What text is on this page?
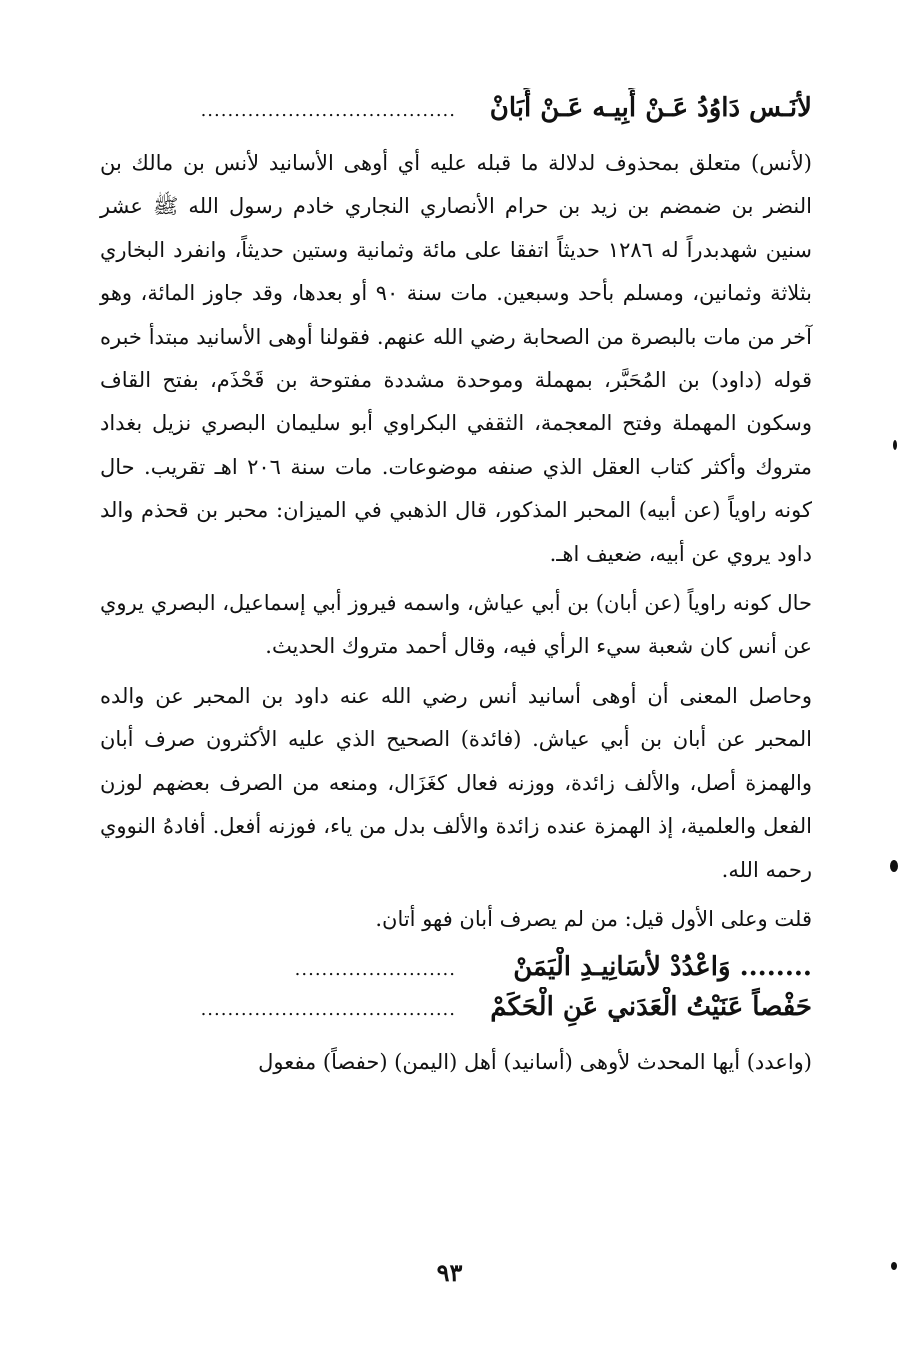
لأنَـس دَاوُدُ عَـنْ أَبِيـه عَـنْ أَبَانْ
......................................

(لأنس) متعلق بمحذوف لدلالة ما قبله عليه أي أوهى الأسانيد لأنس بن مالك بن النضر بن ضمضم بن زيد بن حرام الأنصاري النجاري خادم رسول الله ﷺ عشر سنين شهدبدراً له ١٢٨٦ حديثاً اتفقا على مائة وثمانية وستين حديثاً، وانفرد البخاري بثلاثة وثمانين، ومسلم بأحد وسبعين. مات سنة ٩٠ أو بعدها، وقد جاوز المائة، وهو آخر من مات بالبصرة من الصحابة رضي الله عنهم. فقولنا أوهى الأسانيد مبتدأ خبره قوله (داود) بن المُحَبَّر، بمهملة وموحدة مشددة مفتوحة بن قَحْذَم، بفتح القاف وسكون المهملة وفتح المعجمة، الثقفي البكراوي أبو سليمان البصري نزيل بغداد متروك وأكثر كتاب العقل الذي صنفه موضوعات. مات سنة ٢٠٦ اهـ تقريب. حال كونه راوياً (عن أبيه) المحبر المذكور، قال الذهبي في الميزان: محبر بن قحذم والد داود يروي عن أبيه، ضعيف اهـ.

حال كونه راوياً (عن أبان) بن أبي عياش، واسمه فيروز أبي إسماعيل، البصري يروي عن أنس كان شعبة سيء الرأي فيه، وقال أحمد متروك الحديث.

وحاصل المعنى أن أوهى أسانيد أنس رضي الله عنه داود بن المحبر عن والده المحبر عن أبان بن أبي عياش. (فائدة) الصحيح الذي عليه الأكثرون صرف أبان والهمزة أصل، والألف زائدة، ووزنه فعال كغَزَال، ومنعه من الصرف بعضهم لوزن الفعل والعلمية، إذ الهمزة عنده زائدة والألف بدل من ياء، فوزنه أفعل. أفادهُ النووي رحمه الله.

قلت وعلى الأول قيل: من لم يصرف أبان فهو أتان.

........ وَاعْدُدْ لأسَانِيـدِ الْيَمَنْ
........................
حَفْصاً عَنَيْتُ الْعَدَني عَنِ الْحَكَمْ
......................................

(واعدد) أيها المحدث لأوهى (أسانيد) أهل (اليمن) (حفصاً) مفعول

٩٣
